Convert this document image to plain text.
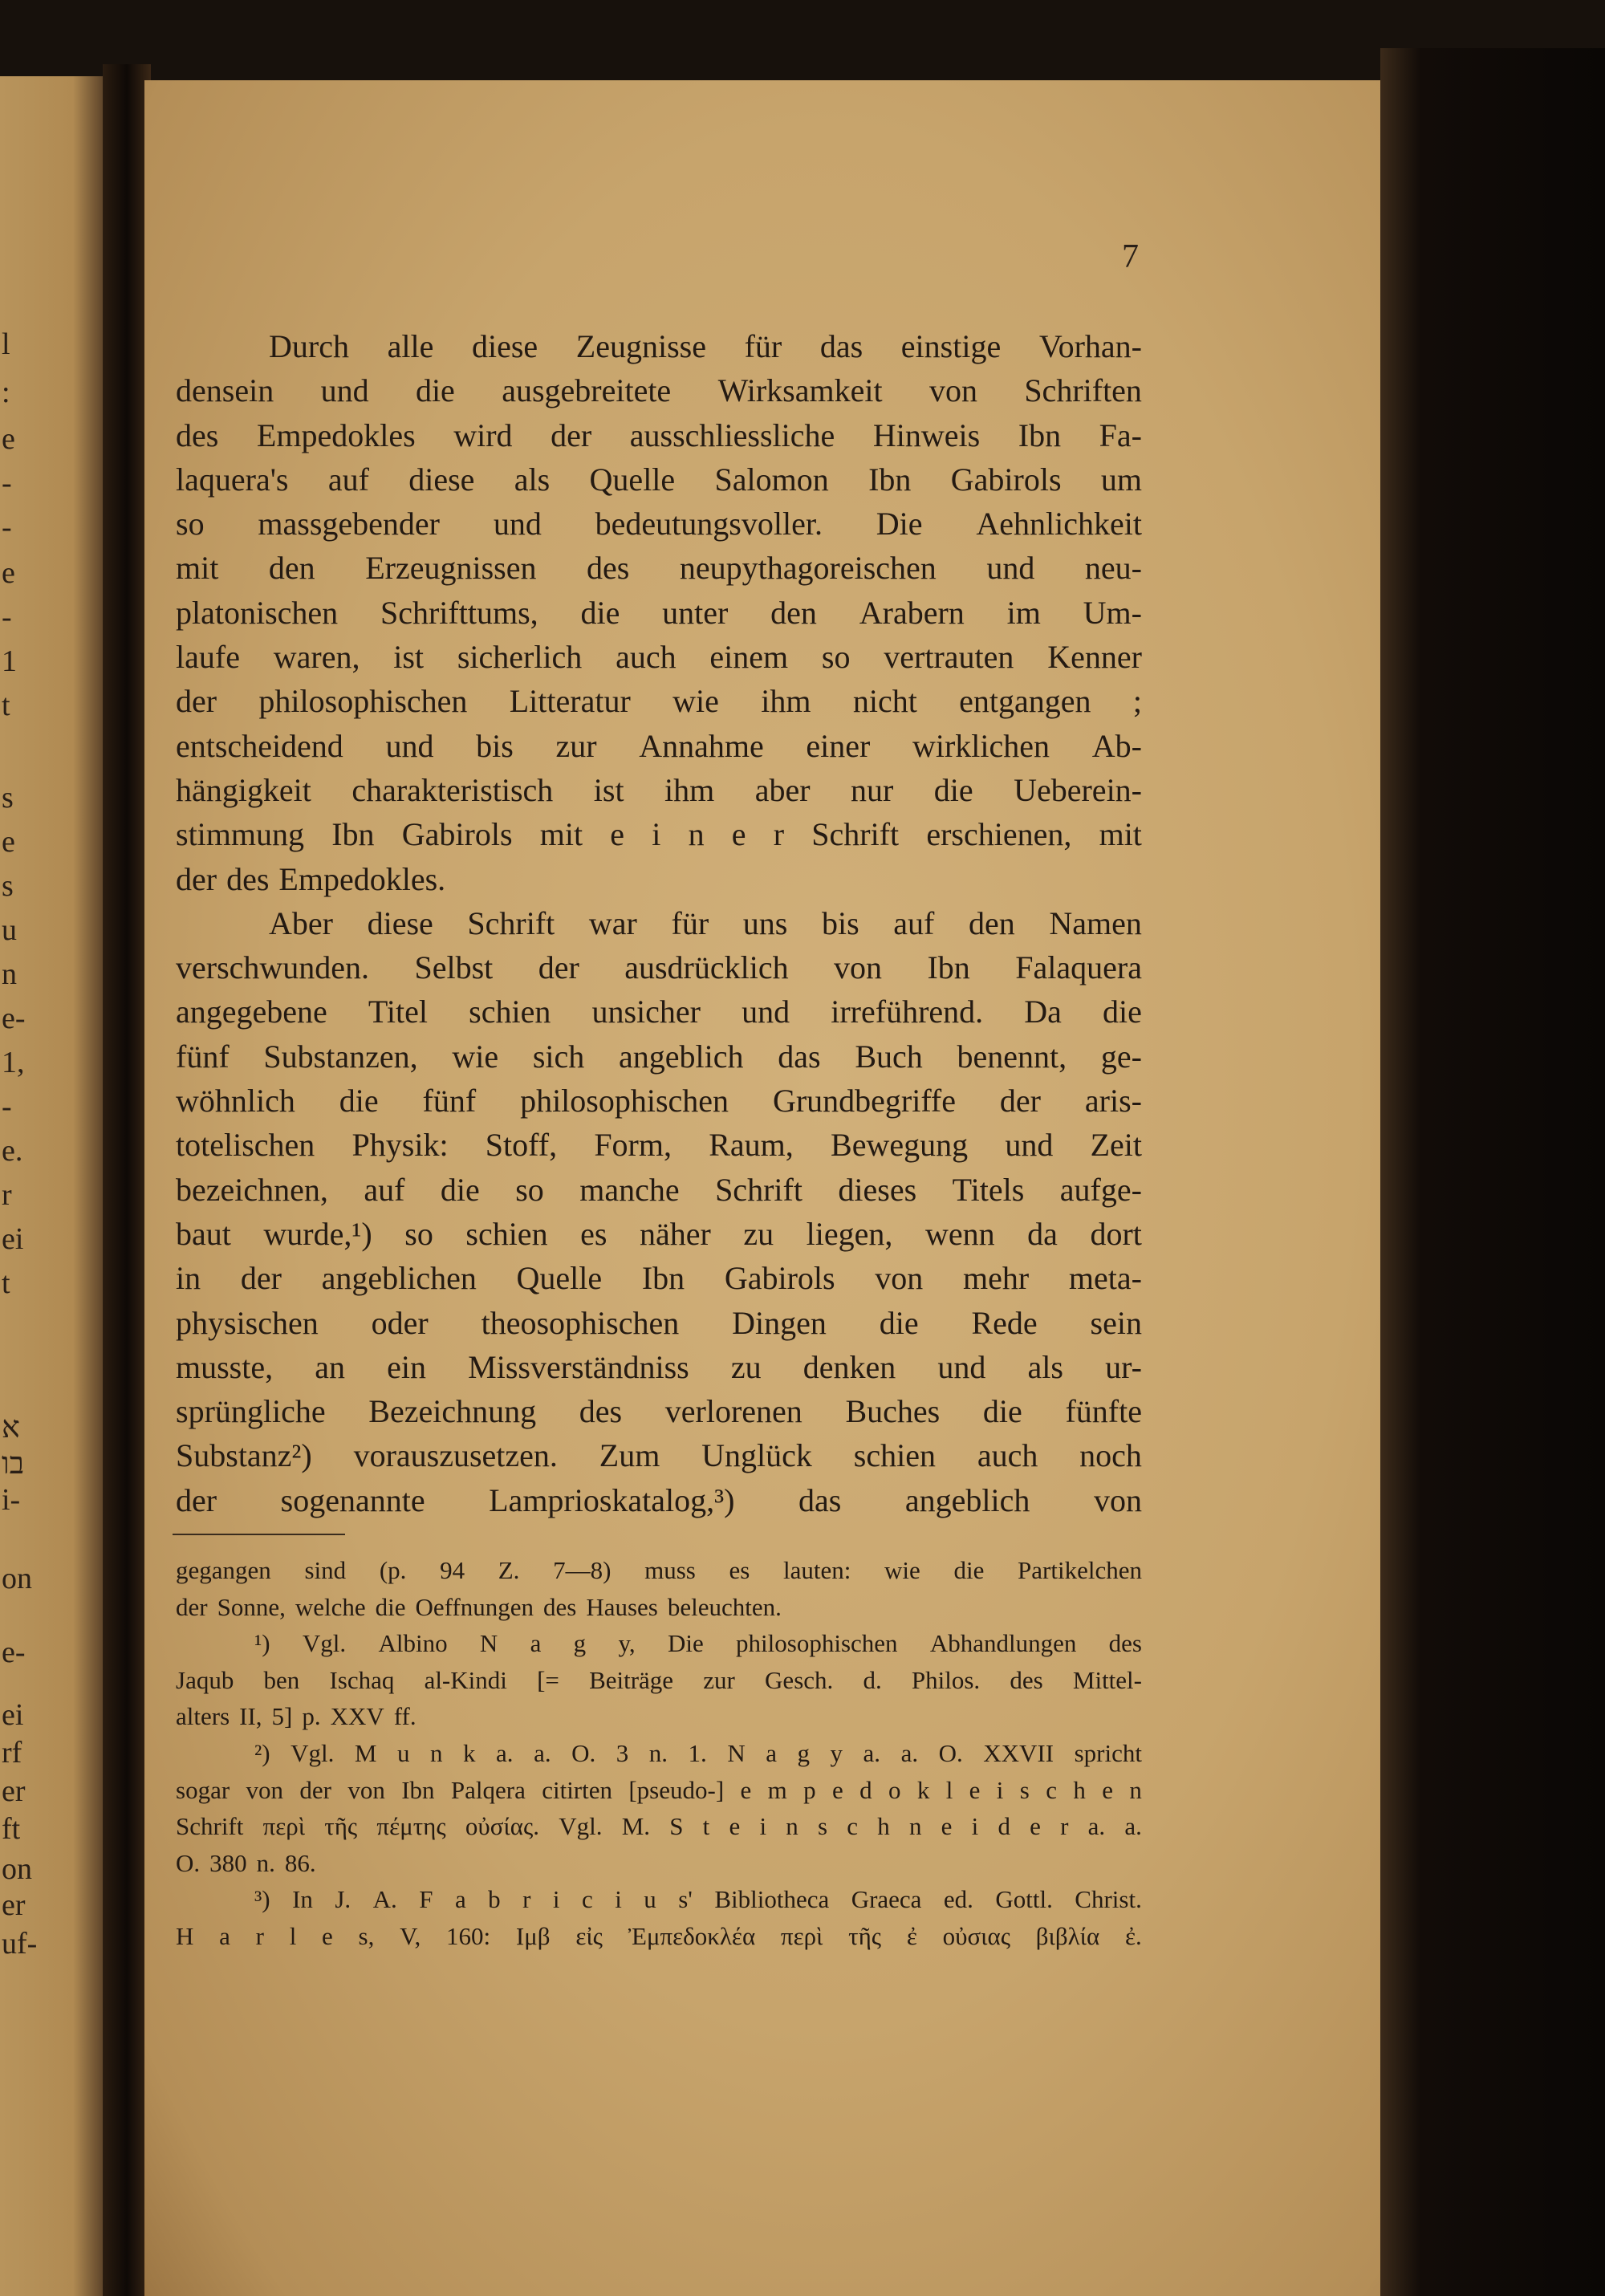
l
:
e
-
-
e
-
1
t
s
e
s
u
n
e-
1,
-
e.
r
ei
t
א
בו
i-
on
e-
ei
rf
er
ft
on
er
uf-
7
Durch alle diese Zeugnisse für das einstige Vorhan-
densein und die ausgebreitete Wirksamkeit von Schriften
des Empedokles wird der ausschliessliche Hinweis Ibn Fa-
laquera's auf diese als Quelle Salomon Ibn Gabirols um
so massgebender und bedeutungsvoller. Die Aehnlichkeit
mit den Erzeugnissen des neupythagoreischen und neu-
platonischen Schrifttums, die unter den Arabern im Um-
laufe waren, ist sicherlich auch einem so vertrauten Kenner
der philosophischen Litteratur wie ihm nicht entgangen ;
entscheidend und bis zur Annahme einer wirklichen Ab-
hängigkeit charakteristisch ist ihm aber nur die Ueberein-
stimmung Ibn Gabirols mit e i n e r Schrift erschienen, mit
der des Empedokles.
Aber diese Schrift war für uns bis auf den Namen
verschwunden. Selbst der ausdrücklich von Ibn Falaquera
angegebene Titel schien unsicher und irreführend. Da die
fünf Substanzen, wie sich angeblich das Buch benennt, ge-
wöhnlich die fünf philosophischen Grundbegriffe der aris-
totelischen Physik: Stoff, Form, Raum, Bewegung und Zeit
bezeichnen, auf die so manche Schrift dieses Titels aufge-
baut wurde,¹) so schien es näher zu liegen, wenn da dort
in der angeblichen Quelle Ibn Gabirols von mehr meta-
physischen oder theosophischen Dingen die Rede sein
musste, an ein Missverständniss zu denken und als ur-
sprüngliche Bezeichnung des verlorenen Buches die fünfte
Substanz²) vorauszusetzen. Zum Unglück schien auch noch
der sogenannte Lamprioskatalog,³) das angeblich von
gegangen sind (p. 94 Z. 7—8) muss es lauten: wie die Partikelchen
der Sonne, welche die Oeffnungen des Hauses beleuchten.
¹) Vgl. Albino N a g y, Die philosophischen Abhandlungen des
Jaqub ben Ischaq al-Kindi [= Beiträge zur Gesch. d. Philos. des Mittel-
alters II, 5] p. XXV ff.
²) Vgl. M u n k a. a. O. 3 n. 1. N a g y a. a. O. XXVII spricht
sogar von der von Ibn Palqera citirten [pseudo-] e m p e d o k l e i s c h e n
Schrift περὶ τῆς πέμτης οὐσίας. Vgl. M. S t e i n s c h n e i d e r a. a.
O. 380 n. 86.
³) In J. A. F a b r i c i u s' Bibliotheca Graeca ed. Gottl. Christ.
H a r l e s, V, 160: Ιμβ εἰς Ἐμπεδοκλέα περὶ τῆς ἐ οὐσιας βιβλία ἐ.
